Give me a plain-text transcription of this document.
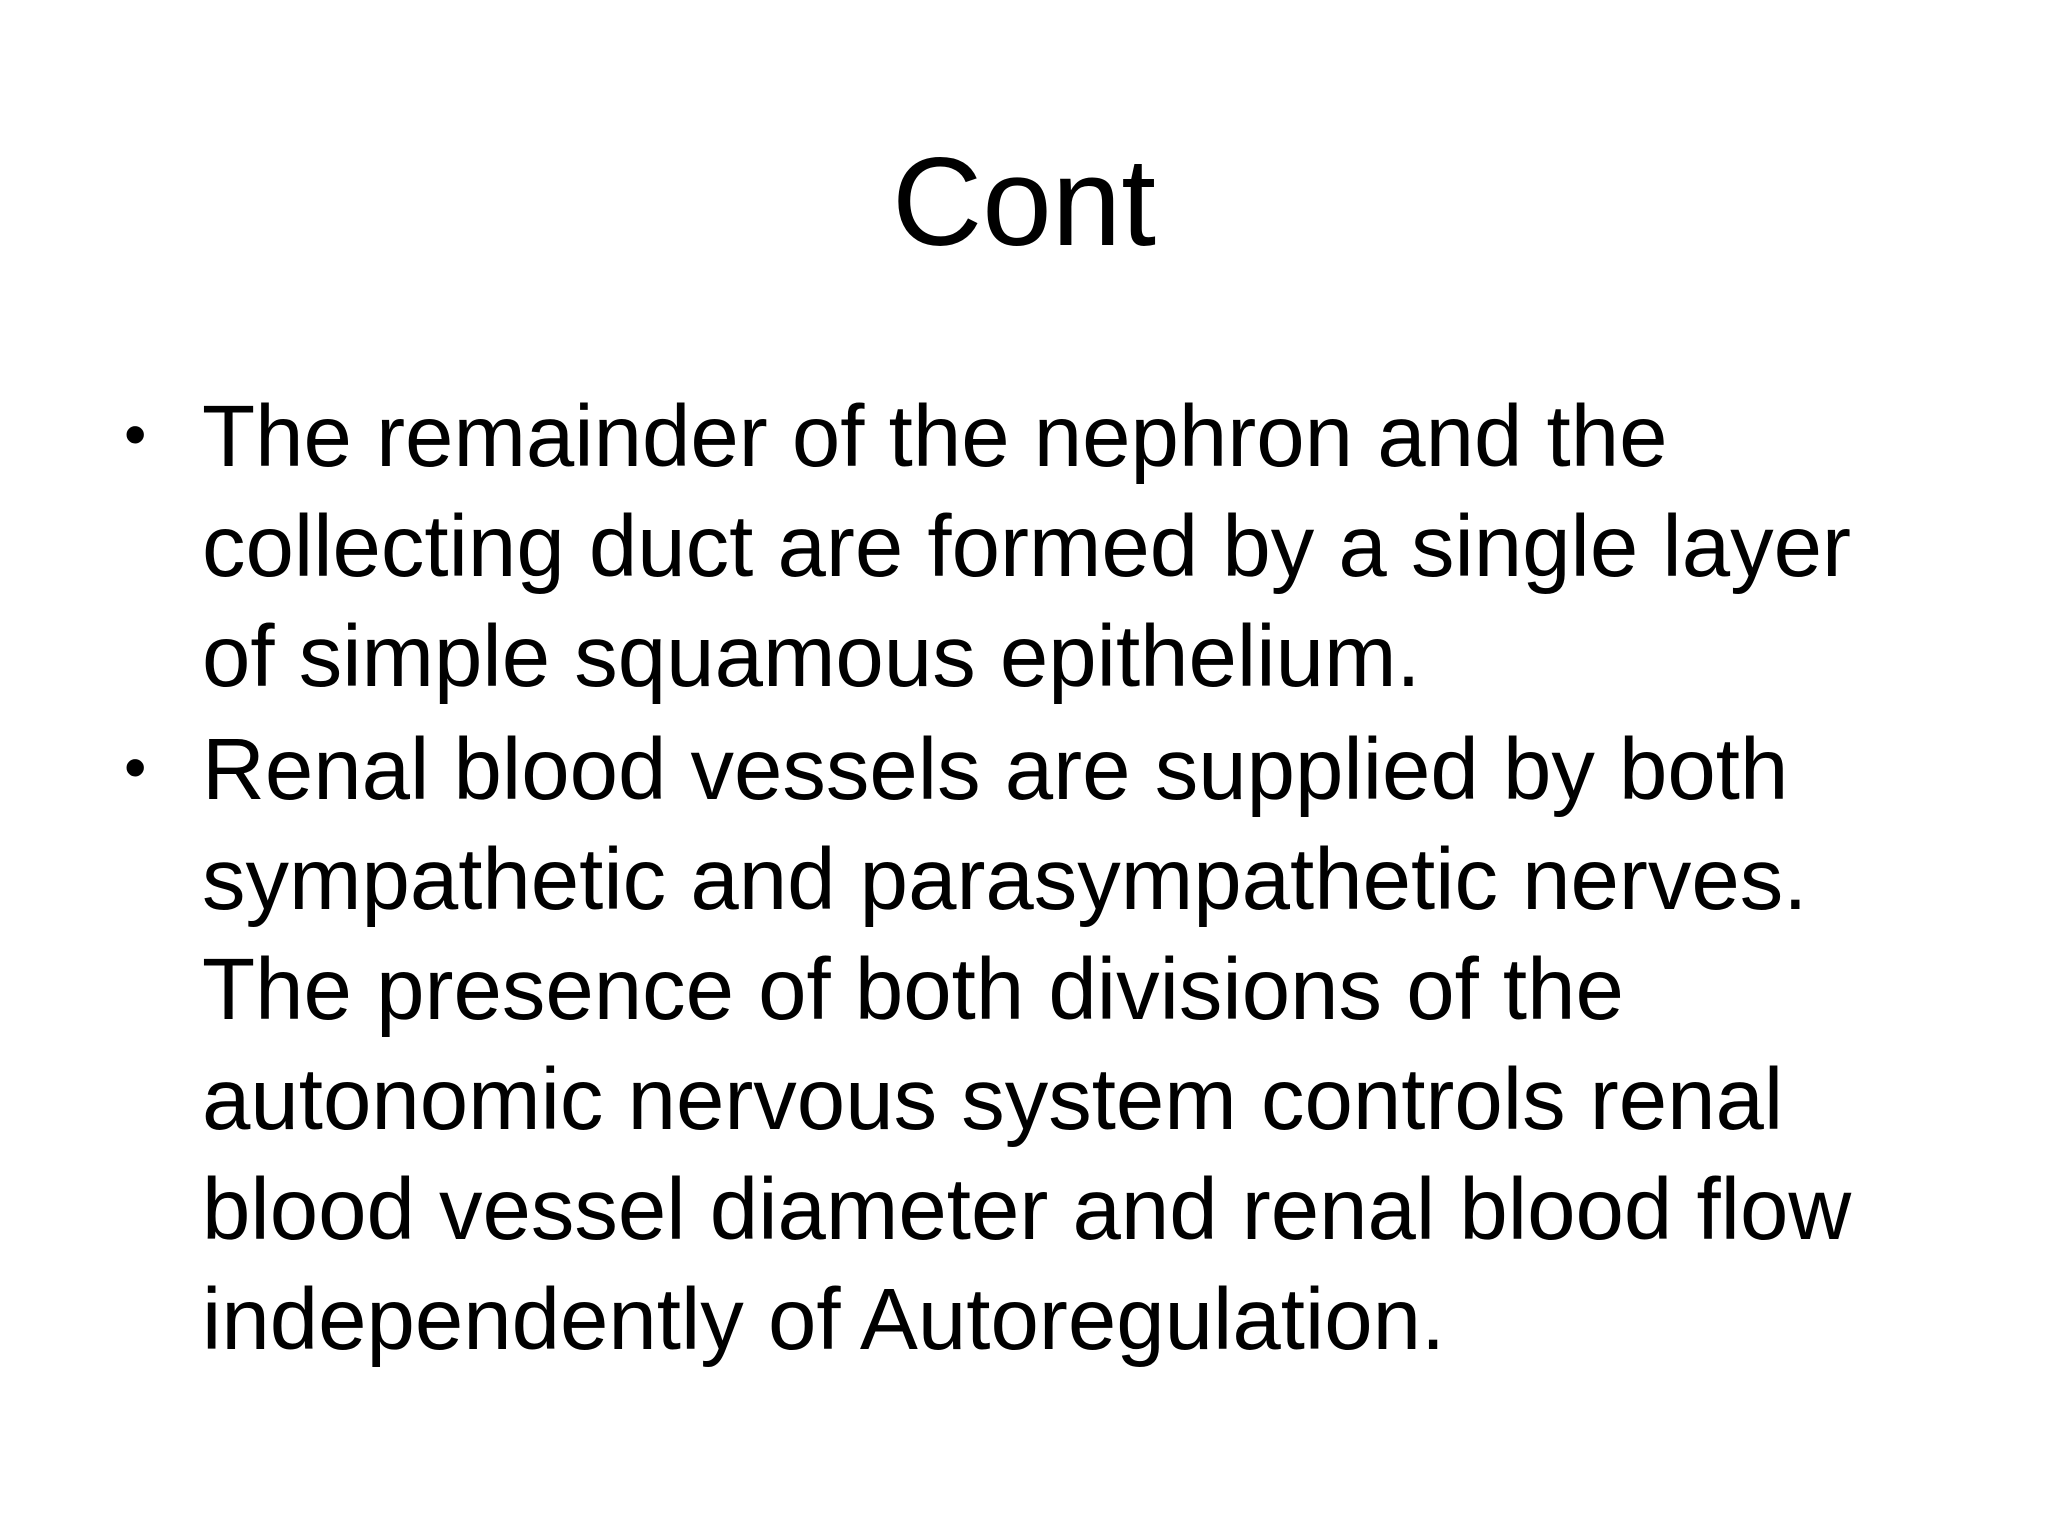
Cont
• The remainder of the nephron and the
collecting duct are formed by a single layer
of simple squamous epithelium.
• Renal blood vessels are supplied by both
sympathetic and parasympathetic nerves.
The presence of both divisions of the
autonomic nervous system controls renal
blood vessel diameter and renal blood flow
independently of Autoregulation.
